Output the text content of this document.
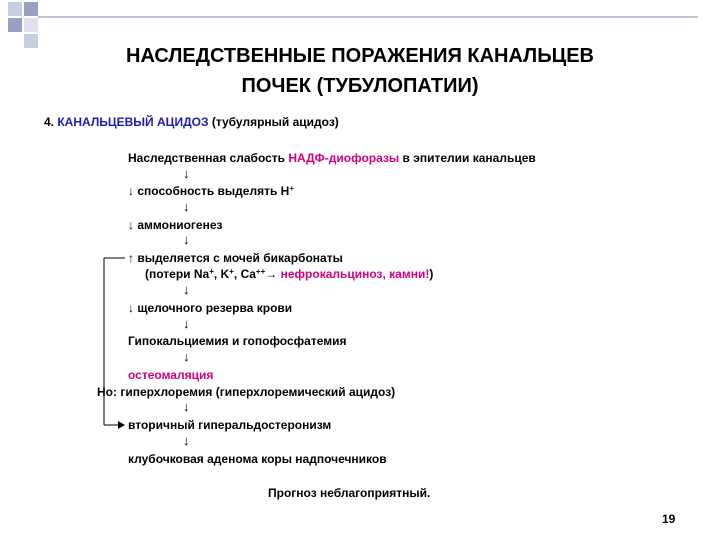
НАСЛЕДСТВЕННЫЕ ПОРАЖЕНИЯ КАНАЛЬЦЕВ
ПОЧЕК (ТУБУЛОПАТИИ)
4. КАНАЛЬЦЕВЫЙ АЦИДОЗ (тубулярный ацидоз)
Наследственная слабость НАДФ-диофоразы в эпителии канальцев
↓
↓ способность выделять H+
↓
↓ аммониогенез
↓
↑ выделяется с мочей бикарбонаты
(потери Na+, K+, Ca++→ нефрокальциноз, камни!)
↓
↓ щелочного резерва крови
↓
Гипокальциемия и гопофосфатемия
↓
остеомаляция
Но: гиперхлоремия (гиперхлоремический ацидоз)
↓
вторичный гиперальдостеронизм
↓
клубочковая аденома коры надпочечников
Прогноз неблагоприятный.
19
